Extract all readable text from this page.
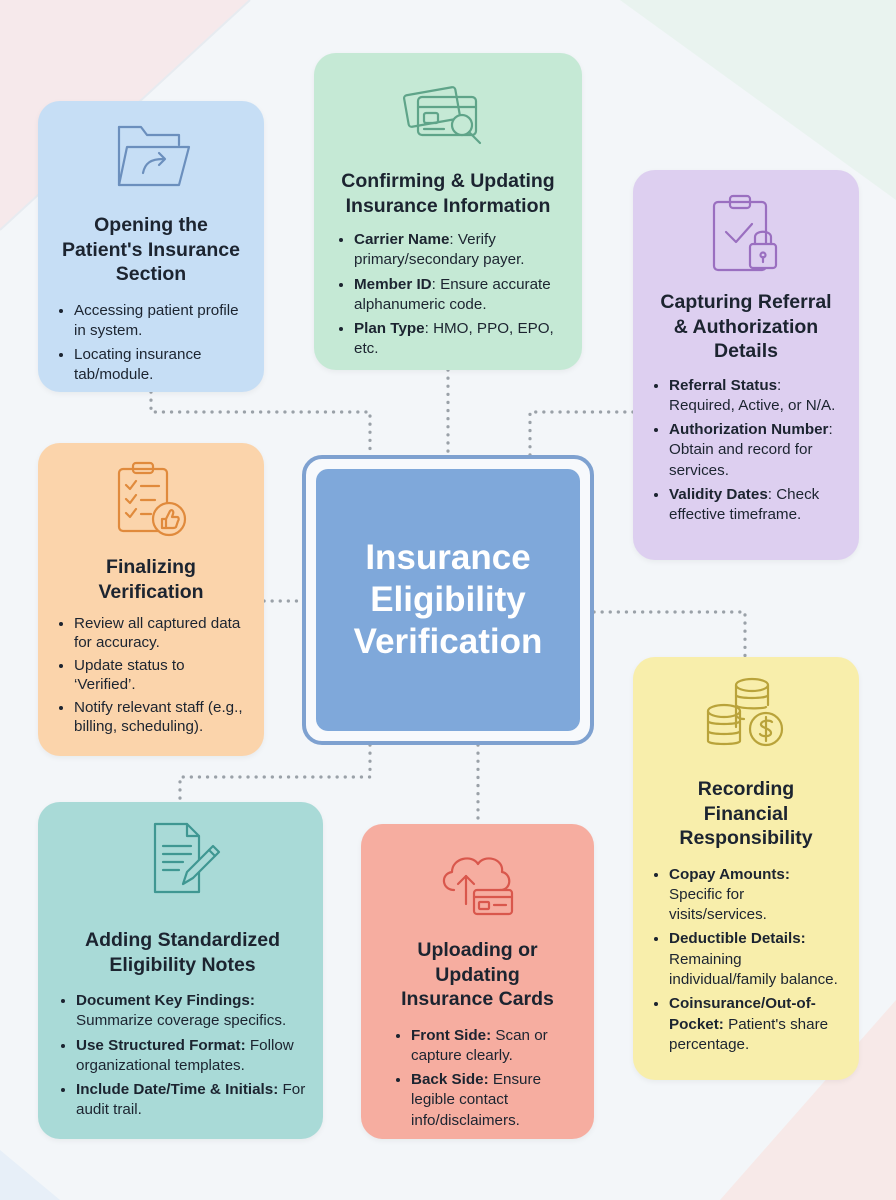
Opening the
Patient's Insurance
Section
• Accessing patient profile in system.
• Locating insurance tab/module.
Confirming & Updating
Insurance Information
• Carrier Name: Verify primary/secondary payer.
• Member ID: Ensure accurate alphanumeric code.
• Plan Type: HMO, PPO, EPO, etc.
Capturing Referral
& Authorization
Details
• Referral Status: Required, Active, or N/A.
• Authorization Number: Obtain and record for services.
• Validity Dates: Check effective timeframe.
Finalizing
Verification
• Review all captured data for accuracy.
• Update status to ‘Verified’.
• Notify relevant staff (e.g., billing, scheduling).
Recording
Financial
Responsibility
• Copay Amounts: Specific for visits/services.
• Deductible Details: Remaining individual/family balance.
• Coinsurance/Out-of-Pocket: Patient's share percentage.
Adding Standardized
Eligibility Notes
• Document Key Findings: Summarize coverage specifics.
• Use Structured Format: Follow organizational templates.
• Include Date/Time & Initials: For audit trail.
Uploading or
Updating
Insurance Cards
• Front Side: Scan or capture clearly.
• Back Side: Ensure legible contact info/disclaimers.
Insurance
Eligibility
Verification
